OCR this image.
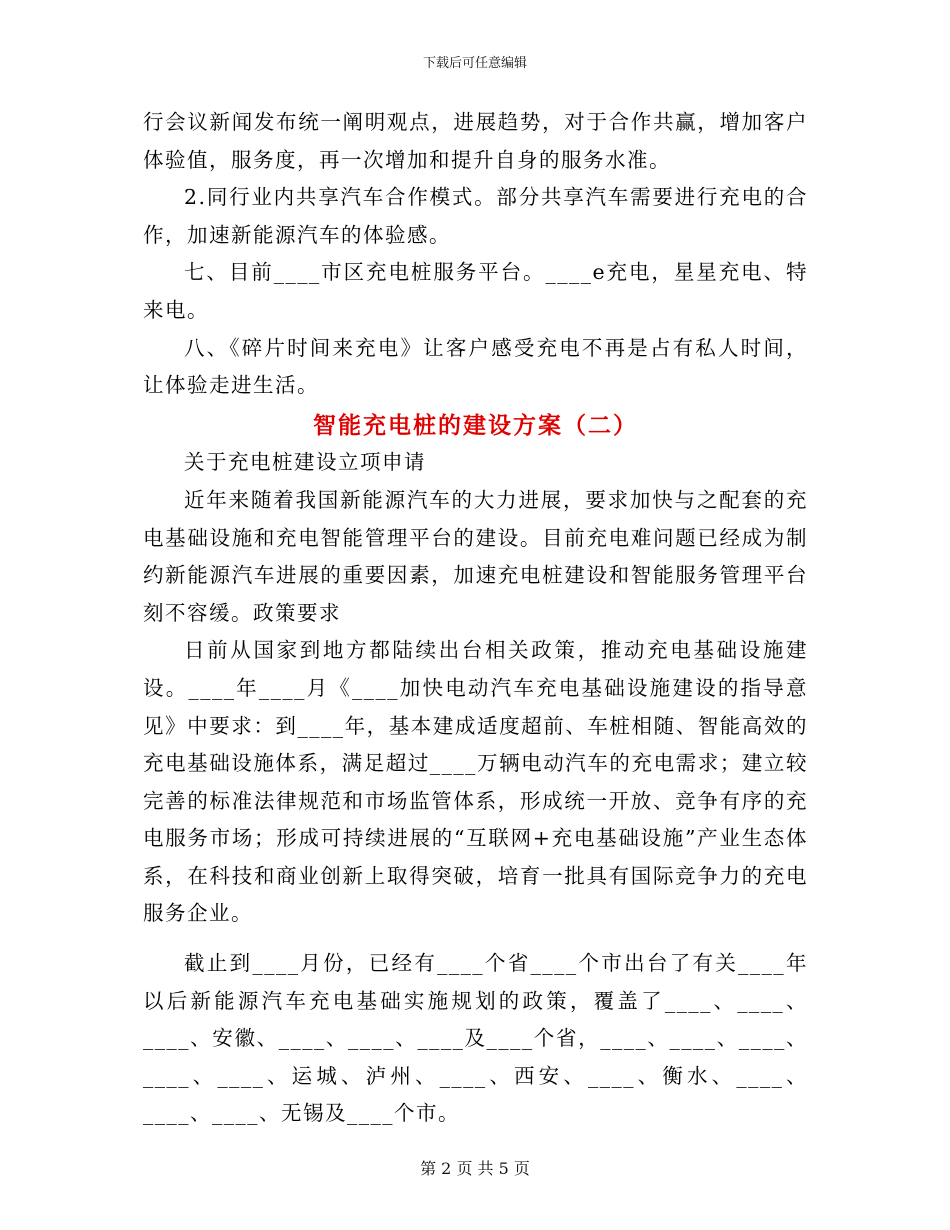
下载后可任意编辑

行会议新闻发布统一阐明观点，进展趋势，对于合作共赢，增加客户体验值，服务度，再一次增加和提升自身的服务水准。

2.同行业内共享汽车合作模式。部分共享汽车需要进行充电的合作，加速新能源汽车的体验感。

七、目前____市区充电桩服务平台。____e充电，星星充电、特来电。

八、《碎片时间来充电》让客户感受充电不再是占有私人时间，让体验走进生活。

智能充电桩的建设方案（二）

关于充电桩建设立项申请

近年来随着我国新能源汽车的大力进展，要求加快与之配套的充电基础设施和充电智能管理平台的建设。目前充电难问题已经成为制约新能源汽车进展的重要因素，加速充电桩建设和智能服务管理平台刻不容缓。政策要求

日前从国家到地方都陆续出台相关政策，推动充电基础设施建设。____年____月《____加快电动汽车充电基础设施建设的指导意见》中要求：到____年，基本建成适度超前、车桩相随、智能高效的充电基础设施体系，满足超过____万辆电动汽车的充电需求；建立较完善的标准法律规范和市场监管体系，形成统一开放、竞争有序的充电服务市场；形成可持续进展的“互联网+充电基础设施”产业生态体系，在科技和商业创新上取得突破，培育一批具有国际竞争力的充电服务企业。

截止到____月份，已经有____个省____个市出台了有关____年以后新能源汽车充电基础实施规划的政策，覆盖了____、____、____、安徽、____、____、____及____个省，____、____、____、____、____、运城、泸州、____、西安、____、衡水、____、____、____、无锡及____个市。

第 2 页 共 5 页
